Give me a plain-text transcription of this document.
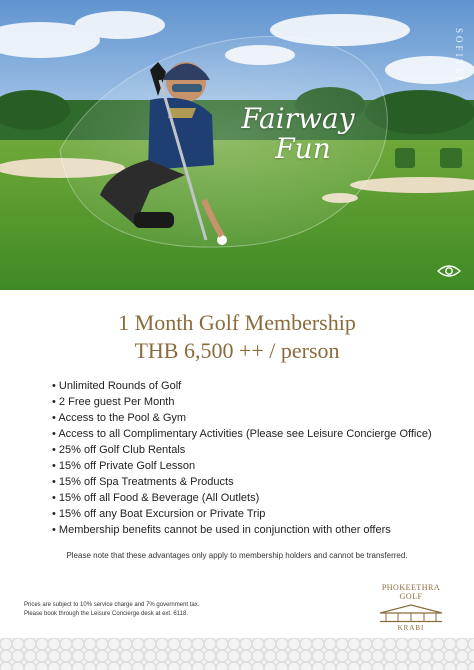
SOFITEL
Fairway
Fun
1 Month Golf Membership
THB 6,500 ++ / person
• Unlimited Rounds of Golf
• 2 Free guest Per Month
• Access to the Pool & Gym
• Access to all Complimentary Activities (Please see Leisure Concierge Office)
• 25% off Golf Club Rentals
• 15% off Private Golf Lesson
• 15% off Spa Treatments & Products
• 15% off all Food & Beverage (All Outlets)
• 15% off any Boat Excursion or Private Trip
• Membership benefits cannot be used in conjunction with other offers
Please note that these advantages only apply to membership holders and cannot be transferred.
Prices are subject to 10% service charge and 7% government tax.
Please book through the Leisure Concierge desk at ext. 6118.
PHOKEETHRA GOLF
KRABI
